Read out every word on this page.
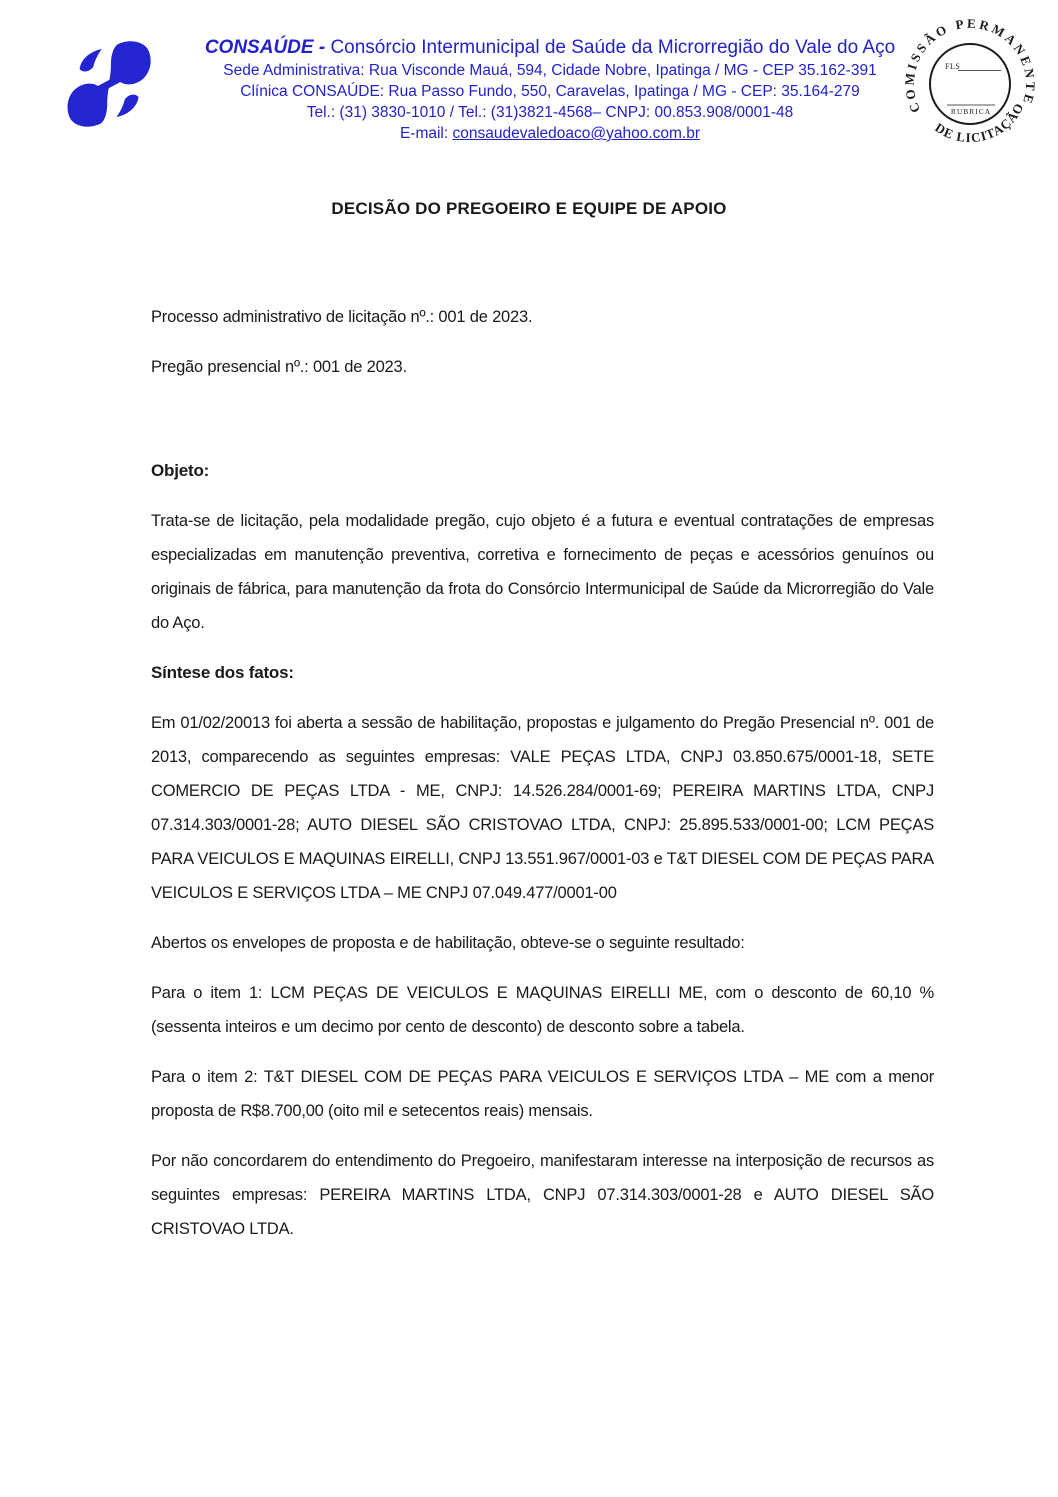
CONSAÚDE - Consórcio Intermunicipal de Saúde da Microrregião do Vale do Aço
Sede Administrativa: Rua Visconde Mauá, 594, Cidade Nobre, Ipatinga / MG - CEP 35.162-391
Clínica CONSAÚDE: Rua Passo Fundo, 550, Caravelas, Ipatinga / MG - CEP: 35.164-279
Tel.: (31) 3830-1010 / Tel.: (31)3821-4568– CNPJ: 00.853.908/0001-48
E-mail: consaudevaledoaco@yahoo.com.br
COMISSÃO PERMANENTE
DE LICITAÇÃO
FLS
RUBRICA
DECISÃO DO PREGOEIRO E EQUIPE DE APOIO

Processo administrativo de licitação nº.: 001 de 2023.

Pregão presencial nº.: 001 de 2023.

Objeto:

Trata-se de licitação, pela modalidade pregão, cujo objeto é a futura e eventual contratações de empresas especializadas em manutenção preventiva, corretiva e fornecimento de peças e acessórios genuínos ou originais de fábrica, para manutenção da frota do Consórcio Intermunicipal de Saúde da Microrregião do Vale do Aço.

Síntese dos fatos:

Em 01/02/20013 foi aberta a sessão de habilitação, propostas e julgamento do Pregão Presencial nº. 001 de 2013, comparecendo as seguintes empresas: VALE PEÇAS LTDA, CNPJ 03.850.675/0001-18, SETE COMERCIO DE PEÇAS LTDA - ME, CNPJ: 14.526.284/0001-69; PEREIRA MARTINS LTDA, CNPJ 07.314.303/0001-28; AUTO DIESEL SÃO CRISTOVAO LTDA, CNPJ: 25.895.533/0001-00; LCM PEÇAS PARA VEICULOS E MAQUINAS EIRELLI, CNPJ 13.551.967/0001-03 e T&T DIESEL COM DE PEÇAS PARA VEICULOS E SERVIÇOS LTDA – ME CNPJ 07.049.477/0001-00

Abertos os envelopes de proposta e de habilitação, obteve-se o seguinte resultado:

Para o item 1: LCM PEÇAS DE VEICULOS E MAQUINAS EIRELLI ME, com o desconto de 60,10 % (sessenta inteiros e um decimo por cento de desconto) de desconto sobre a tabela.

Para o item 2: T&T DIESEL COM DE PEÇAS PARA VEICULOS E SERVIÇOS LTDA – ME com a menor proposta de R$8.700,00 (oito mil e setecentos reais) mensais.

Por não concordarem do entendimento do Pregoeiro, manifestaram interesse na interposição de recursos as seguintes empresas: PEREIRA MARTINS LTDA, CNPJ 07.314.303/0001-28 e AUTO DIESEL SÃO CRISTOVAO LTDA.
